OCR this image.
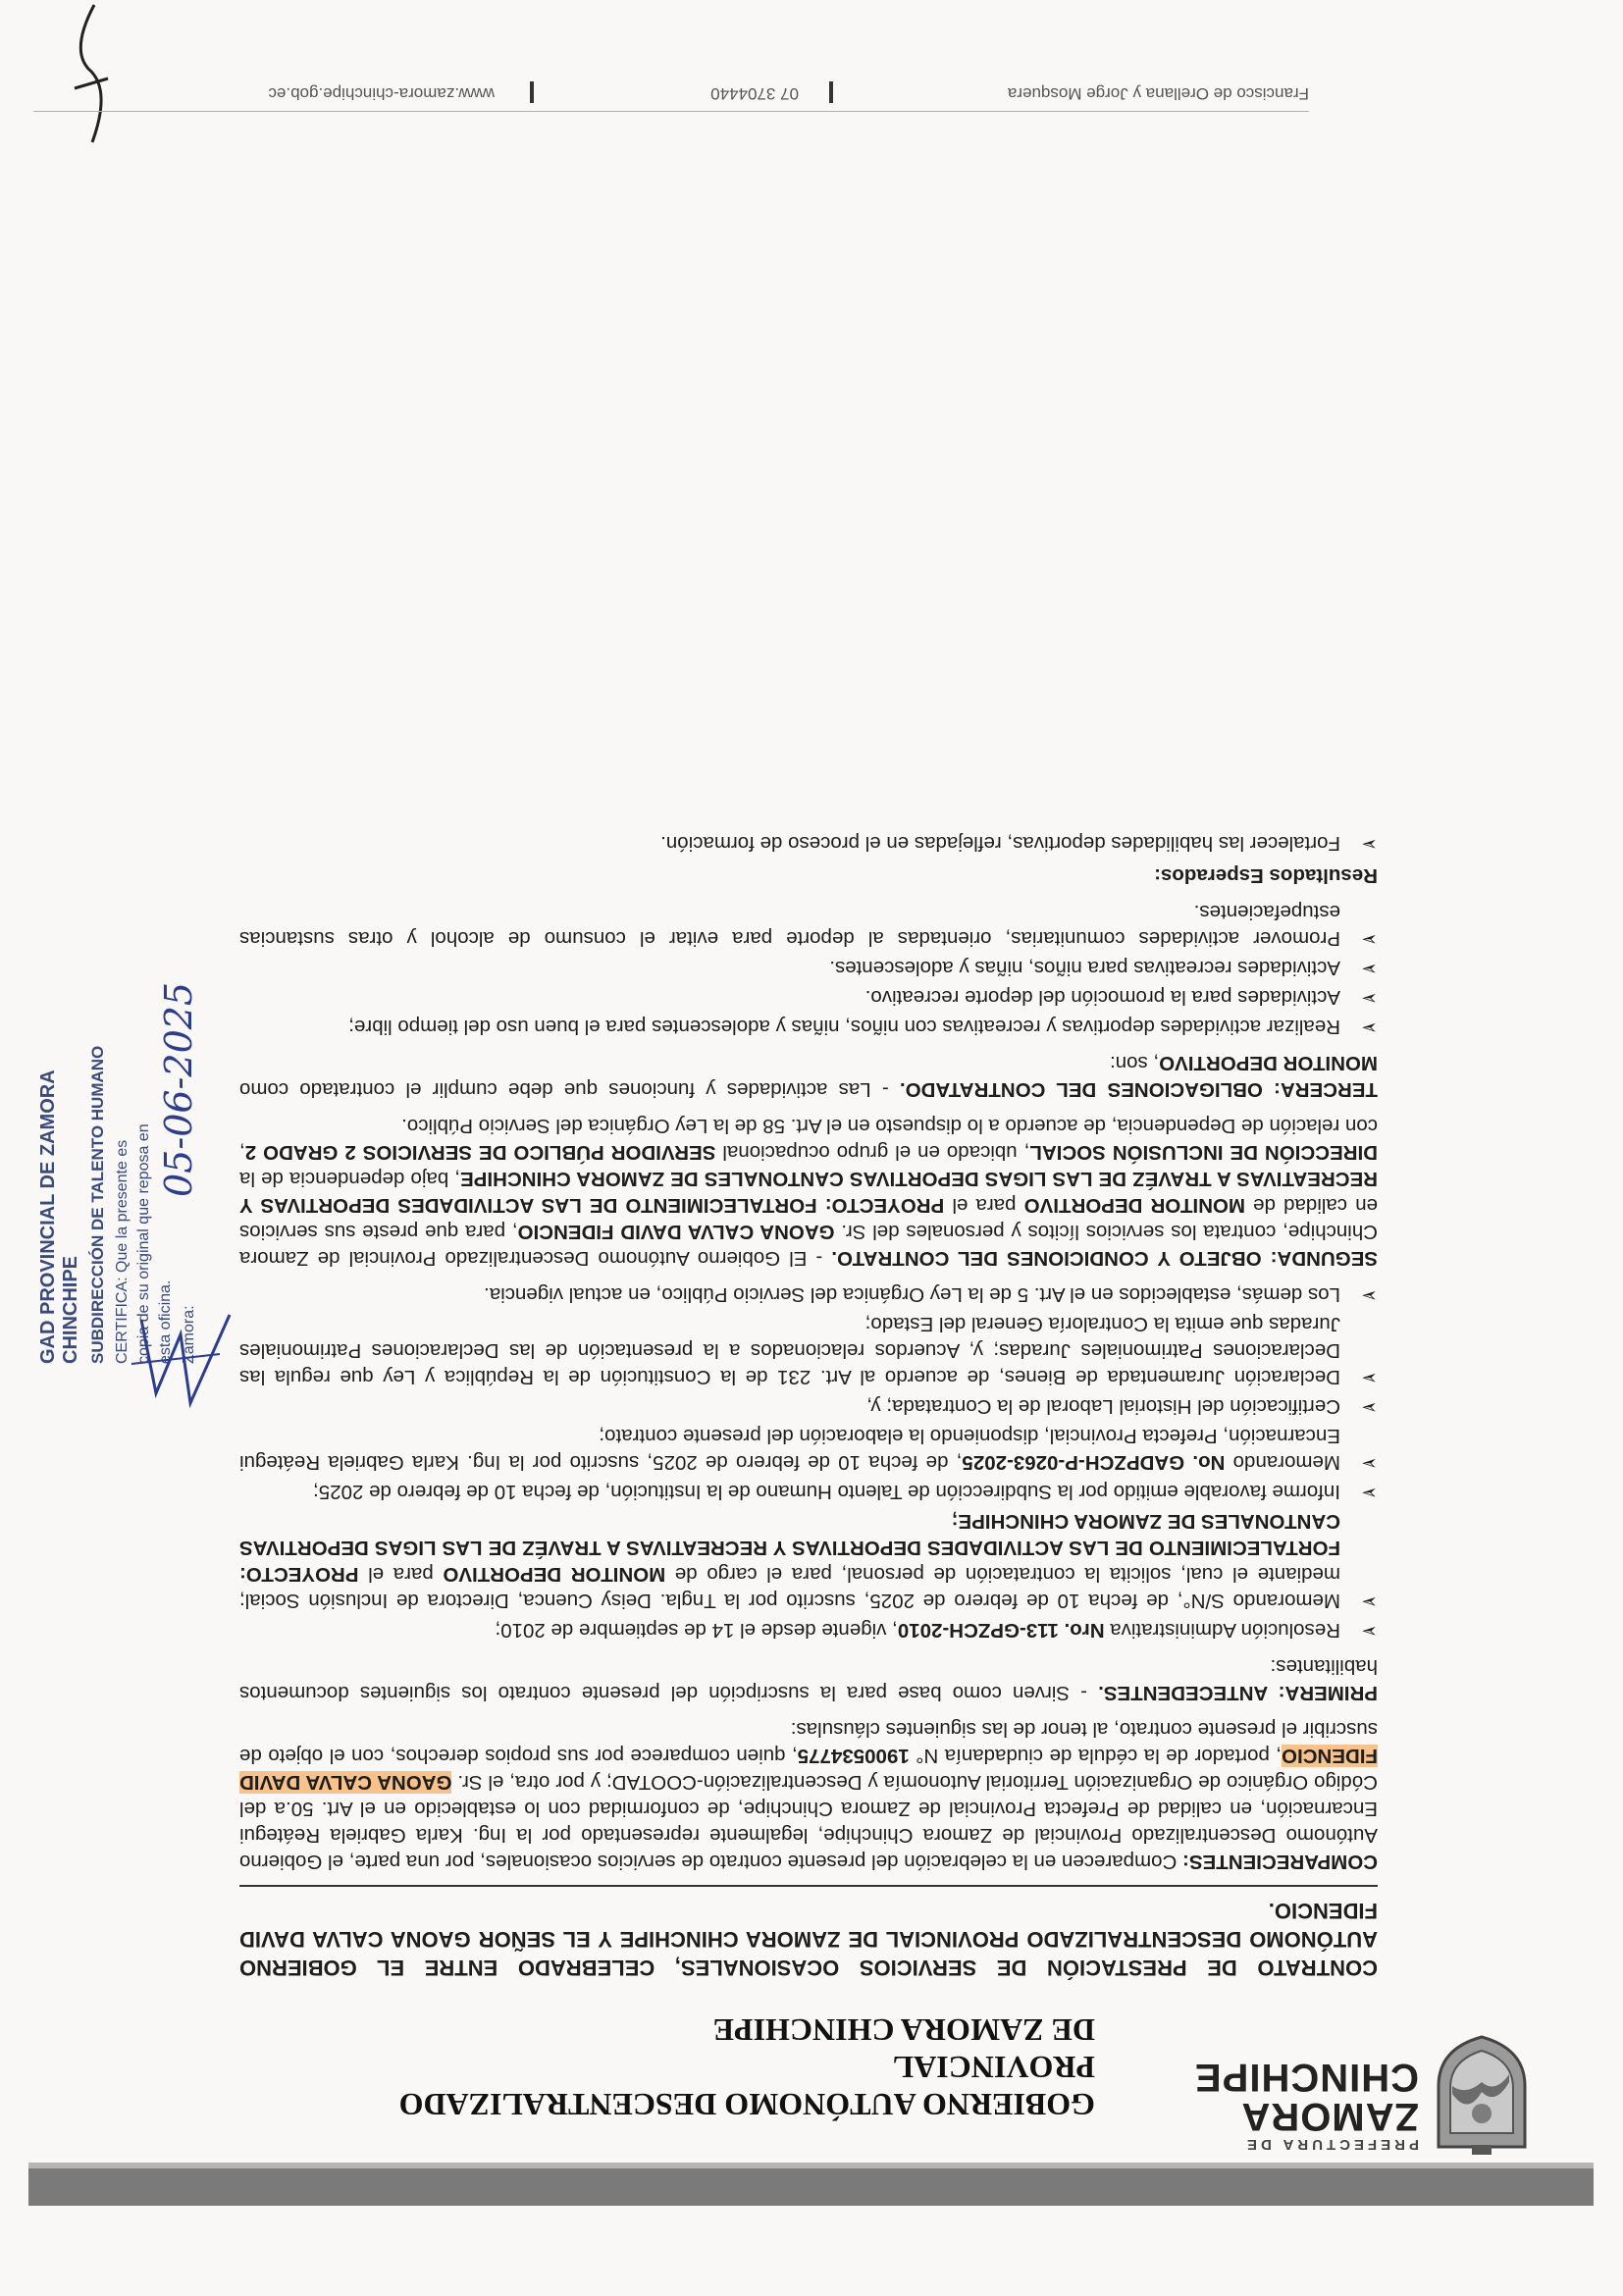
PREFECTURA DE
ZAMORA
CHINCHIPE
GOBIERNO AUTÓNOMO DESCENTRALIZADO PROVINCIAL
DE ZAMORA CHINCHIPE
CONTRATO DE PRESTACIÓN DE SERVICIOS OCASIONALES, CELEBRADO ENTRE EL GOBIERNO AUTÓNOMO DESCENTRALIZADO PROVINCIAL DE ZAMORA CHINCHIPE Y EL SEÑOR GAONA CALVA DAVID FIDENCIO.

COMPARECIENTES: Comparecen en la celebración del presente contrato de servicios ocasionales, por una parte, el Gobierno Autónomo Descentralizado Provincial de Zamora Chinchipe, legalmente representado por la Ing. Karla Gabriela Reátegui Encarnación, en calidad de Prefecta Provincial de Zamora Chinchipe, de conformidad con lo establecido en el Art. 50.a del Código Orgánico de Organización Territorial Autonomía y Descentralización-COOTAD; y por otra, el Sr. GAONA CALVA DAVID FIDENCIO, portador de la cédula de ciudadanía N° 1900534775, quien comparece por sus propios derechos, con el objeto de suscribir el presente contrato, al tenor de las siguientes cláusulas:

PRIMERA: ANTECEDENTES. - Sirven como base para la suscripción del presente contrato los siguientes documentos habilitantes:

➢
Resolución Administrativa Nro. 113-GPZCH-2010, vigente desde el 14 de septiembre de 2010;
➢
Memorando S/N°, de fecha 10 de febrero de 2025, suscrito por la Tngla. Deisy Cuenca, Directora de Inclusión Social; mediante el cual, solicita la contratación de personal, para el cargo de MONITOR DEPORTIVO para el PROYECTO: FORTALECIMIENTO DE LAS ACTIVIDADES DEPORTIVAS Y RECREATIVAS A TRAVÉZ DE LAS LIGAS DEPORTIVAS CANTONALES DE ZAMORA CHINCHIPE;
➢
Informe favorable emitido por la Subdirección de Talento Humano de la Institución, de fecha 10 de febrero de 2025;
➢
Memorando No. GADPZCH-P-0263-2025, de fecha 10 de febrero de 2025, suscrito por la Ing. Karla Gabriela Reátegui Encarnación, Prefecta Provincial, disponiendo la elaboración del presente contrato;
➢
Certificación del Historial Laboral de la Contratada; y,
➢
Declaración Juramentada de Bienes, de acuerdo al Art. 231 de la Constitución de la República y Ley que regula las Declaraciones Patrimoniales Juradas; y, Acuerdos relacionados a la presentación de las Declaraciones Patrimoniales Juradas que emita la Contraloría General del Estado;
➢
Los demás, establecidos en el Art. 5 de la Ley Orgánica del Servicio Público, en actual vigencia.

SEGUNDA: OBJETO Y CONDICIONES DEL CONTRATO. - El Gobierno Autónomo Descentralizado Provincial de Zamora Chinchipe, contrata los servicios lícitos y personales del Sr. GAONA CALVA DAVID FIDENCIO, para que preste sus servicios en calidad de MONITOR DEPORTIVO para el PROYECTO: FORTALECIMIENTO DE LAS ACTIVIDADES DEPORTIVAS Y RECREATIVAS A TRAVÉZ DE LAS LIGAS DEPORTIVAS CANTONALES DE ZAMORA CHINCHIPE, bajo dependencia de la DIRECCIÓN DE INCLUSIÓN SOCIAL, ubicado en el grupo ocupacional SERVIDOR PÚBLICO DE SERVICIOS 2 GRADO 2, con relación de Dependencia, de acuerdo a lo dispuesto en el Art. 58 de la Ley Orgánica del Servicio Público.

TERCERA: OBLIGACIONES DEL CONTRATADO. - Las actividades y funciones que debe cumplir el contratado como MONITOR DEPORTIVO, son:

➢
Realizar actividades deportivas y recreativas con niños, niñas y adolescentes para el buen uso del tiempo libre;
➢
Actividades para la promoción del deporte recreativo.
➢
Actividades recreativas para niños, niñas y adolescentes.
➢
Promover actividades comunitarias, orientadas al deporte para evitar el consumo de alcohol y otras sustancias estupefacientes.
Resultados Esperados:
➢
Fortalecer las habilidades deportivas, reflejadas en el proceso de formación.
GAD PROVINCIAL DE ZAMORA CHINCHIPE SUBDIRECCIÓN DE TALENTO HUMANO CERTIFICA: Que la presente es copia de su original que reposa en esta oficina. Zamora:
05-06-2025
Francisco de Orellana y Jorge Mosquera
07 3704440
www.zamora-chinchipe.gob.ec
